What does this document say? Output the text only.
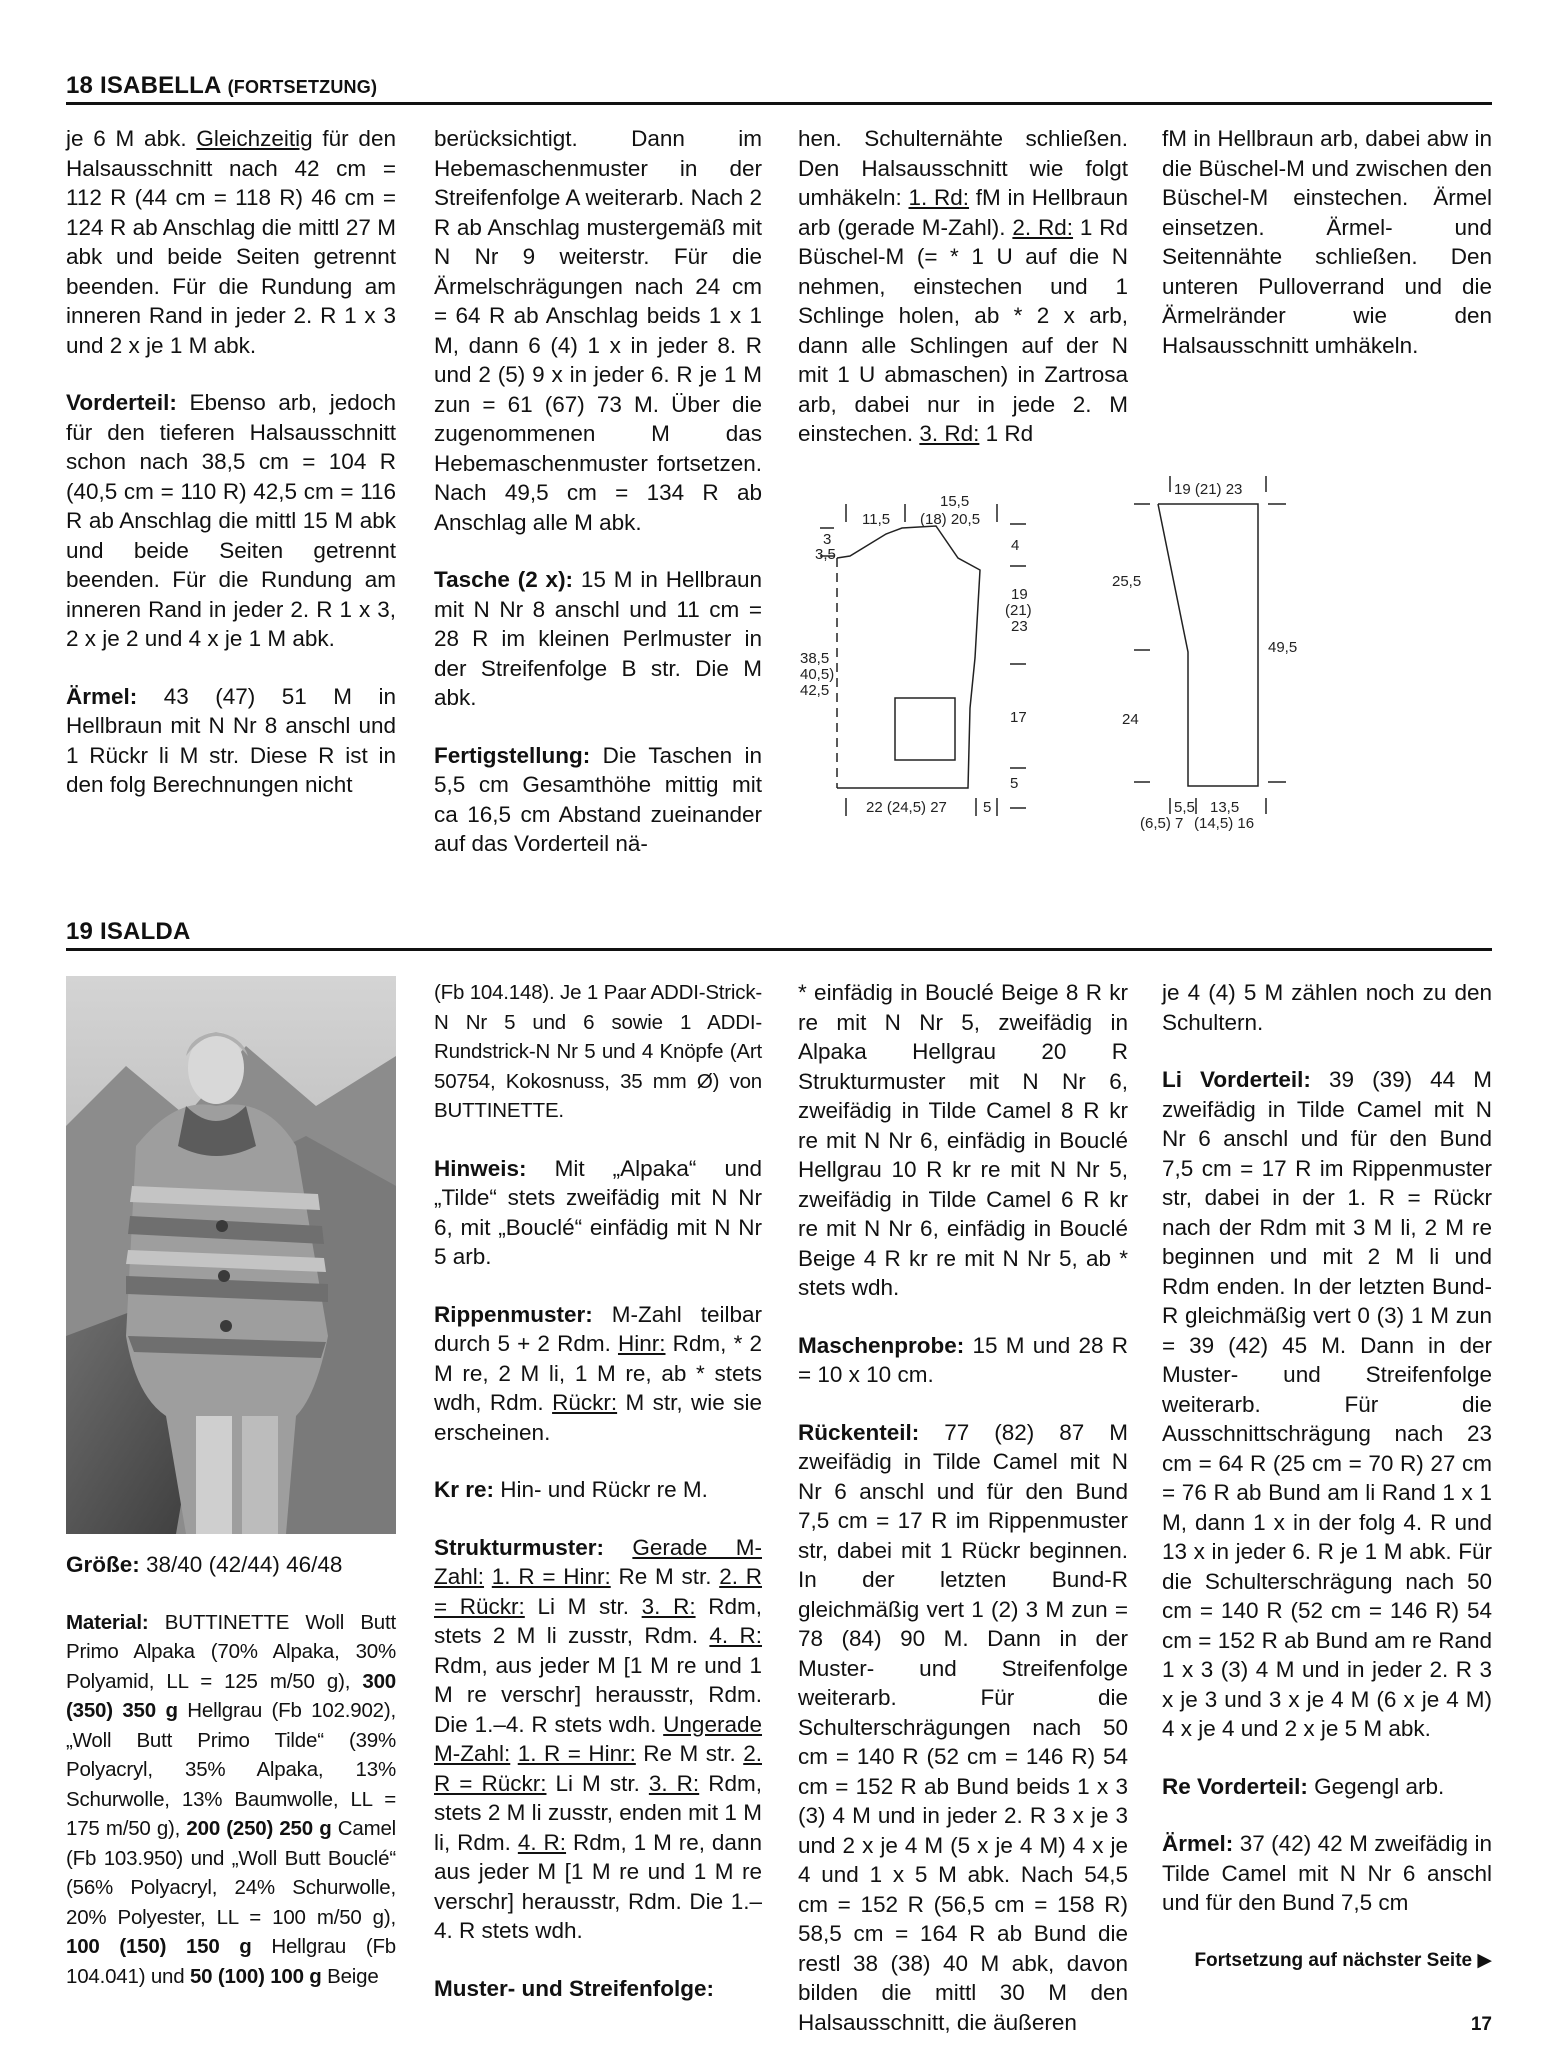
18 ISABELLA (FORTSETZUNG)

je 6 M abk. Gleichzeitig für den Halsausschnitt nach 42 cm = 112 R (44 cm = 118 R) 46 cm = 124 R ab Anschlag die mittl 27 M abk und beide Seiten getrennt beenden. Für die Rundung am inneren Rand in jeder 2. R 1 x 3 und 2 x je 1 M abk.

Vorderteil: Ebenso arb, jedoch für den tieferen Halsausschnitt schon nach 38,5 cm = 104 R (40,5 cm = 110 R) 42,5 cm = 116 R ab Anschlag die mittl 15 M abk und beide Seiten getrennt beenden. Für die Rundung am inneren Rand in jeder 2. R 1 x 3, 2 x je 2 und 4 x je 1 M abk.

Ärmel: 43 (47) 51 M in Hellbraun mit N Nr 8 anschl und 1 Rückr li M str. Diese R ist in den folg Berechnungen nicht

berücksichtigt. Dann im Hebemaschenmuster in der Streifenfolge A weiterarb. Nach 2 R ab Anschlag mustergemäß mit N Nr 9 weiterstr. Für die Ärmelschrägungen nach 24 cm = 64 R ab Anschlag beids 1 x 1 M, dann 6 (4) 1 x in jeder 8. R und 2 (5) 9 x in jeder 6. R je 1 M zun = 61 (67) 73 M. Über die zugenommenen M das Hebemaschenmuster fortsetzen. Nach 49,5 cm = 134 R ab Anschlag alle M abk.

Tasche (2 x): 15 M in Hellbraun mit N Nr 8 anschl und 11 cm = 28 R im kleinen Perlmuster in der Streifenfolge B str. Die M abk.

Fertigstellung: Die Taschen in 5,5 cm Gesamthöhe mittig mit ca 16,5 cm Abstand zueinander auf das Vorderteil nä-

hen. Schulternähte schließen. Den Halsausschnitt wie folgt umhäkeln: 1. Rd: fM in Hellbraun arb (gerade M-Zahl). 2. Rd: 1 Rd Büschel-M (= * 1 U auf die N nehmen, einstechen und 1 Schlinge holen, ab * 2 x arb, dann alle Schlingen auf der N mit 1 U abmaschen) in Zartrosa arb, dabei nur in jede 2. M einstechen. 3. Rd: 1 Rd

fM in Hellbraun arb, dabei abw in die Büschel-M und zwischen den Büschel-M einstechen. Ärmel einsetzen. Ärmel- und Seitennähte schließen. Den unteren Pulloverrand und die Ärmelränder wie den Halsausschnitt umhäkeln.

15,5
(18) 20,5
11,5
3
3,5
4
19
(21)
23
38,5
40,5)
42,5
17
5
22 (24,5) 27 5
19 (21) 23
25,5
49,5
24
5,5
(6,5) 7
13,5
(14,5) 16
19 ISALDA

Größe: 38/40 (42/44) 46/48

Material: BUTTINETTE Woll Butt Primo Alpaka (70% Alpaka, 30% Polyamid, LL = 125 m/50 g), 300 (350) 350 g Hellgrau (Fb 102.902), „Woll Butt Primo Tilde“ (39% Polyacryl, 35% Alpaka, 13% Schurwolle, 13% Baumwolle, LL = 175 m/50 g), 200 (250) 250 g Camel (Fb 103.950) und „Woll Butt Bouclé“ (56% Polyacryl, 24% Schurwolle, 20% Polyester, LL = 100 m/50 g), 100 (150) 150 g Hellgrau (Fb 104.041) und 50 (100) 100 g Beige

(Fb 104.148). Je 1 Paar ADDI-Strick-N Nr 5 und 6 sowie 1 ADDI-Rundstrick-N Nr 5 und 4 Knöpfe (Art 50754, Kokosnuss, 35 mm Ø) von BUTTINETTE.

Hinweis: Mit „Alpaka“ und „Tilde“ stets zweifädig mit N Nr 6, mit „Bouclé“ einfädig mit N Nr 5 arb.

Rippenmuster: M-Zahl teilbar durch 5 + 2 Rdm. Hinr: Rdm, * 2 M re, 2 M li, 1 M re, ab * stets wdh, Rdm. Rückr: M str, wie sie erscheinen.

Kr re: Hin- und Rückr re M.

Strukturmuster: Gerade M-Zahl: 1. R = Hinr: Re M str. 2. R = Rückr: Li M str. 3. R: Rdm, stets 2 M li zusstr, Rdm. 4. R: Rdm, aus jeder M [1 M re und 1 M re verschr] herausstr, Rdm. Die 1.–4. R stets wdh. Ungerade M-Zahl: 1. R = Hinr: Re M str. 2. R = Rückr: Li M str. 3. R: Rdm, stets 2 M li zusstr, enden mit 1 M li, Rdm. 4. R: Rdm, 1 M re, dann aus jeder M [1 M re und 1 M re verschr] herausstr, Rdm. Die 1.–4. R stets wdh.

Muster- und Streifenfolge:

* einfädig in Bouclé Beige 8 R kr re mit N Nr 5, zweifädig in Alpaka Hellgrau 20 R Strukturmuster mit N Nr 6, zweifädig in Tilde Camel 8 R kr re mit N Nr 6, einfädig in Bouclé Hellgrau 10 R kr re mit N Nr 5, zweifädig in Tilde Camel 6 R kr re mit N Nr 6, einfädig in Bouclé Beige 4 R kr re mit N Nr 5, ab * stets wdh.

Maschenprobe: 15 M und 28 R = 10 x 10 cm.

Rückenteil: 77 (82) 87 M zweifädig in Tilde Camel mit N Nr 6 anschl und für den Bund 7,5 cm = 17 R im Rippenmuster str, dabei mit 1 Rückr beginnen. In der letzten Bund-R gleichmäßig vert 1 (2) 3 M zun = 78 (84) 90 M. Dann in der Muster- und Streifenfolge weiterarb. Für die Schulterschrägungen nach 50 cm = 140 R (52 cm = 146 R) 54 cm = 152 R ab Bund beids 1 x 3 (3) 4 M und in jeder 2. R 3 x je 3 und 2 x je 4 M (5 x je 4 M) 4 x je 4 und 1 x 5 M abk. Nach 54,5 cm = 152 R (56,5 cm = 158 R) 58,5 cm = 164 R ab Bund die restl 38 (38) 40 M abk, davon bilden die mittl 30 M den Halsausschnitt, die äußeren

je 4 (4) 5 M zählen noch zu den Schultern.

Li Vorderteil: 39 (39) 44 M zweifädig in Tilde Camel mit N Nr 6 anschl und für den Bund 7,5 cm = 17 R im Rippenmuster str, dabei in der 1. R = Rückr nach der Rdm mit 3 M li, 2 M re beginnen und mit 2 M li und Rdm enden. In der letzten Bund-R gleichmäßig vert 0 (3) 1 M zun = 39 (42) 45 M. Dann in der Muster- und Streifenfolge weiterarb. Für die Ausschnittschrägung nach 23 cm = 64 R (25 cm = 70 R) 27 cm = 76 R ab Bund am li Rand 1 x 1 M, dann 1 x in der folg 4. R und 13 x in jeder 6. R je 1 M abk. Für die Schulterschrägung nach 50 cm = 140 R (52 cm = 146 R) 54 cm = 152 R ab Bund am re Rand 1 x 3 (3) 4 M und in jeder 2. R 3 x je 3 und 3 x je 4 M (6 x je 4 M) 4 x je 4 und 2 x je 5 M abk.

Re Vorderteil: Gegengl arb.

Ärmel: 37 (42) 42 M zweifädig in Tilde Camel mit N Nr 6 anschl und für den Bund 7,5 cm

Fortsetzung auf nächster Seite ▶

17
